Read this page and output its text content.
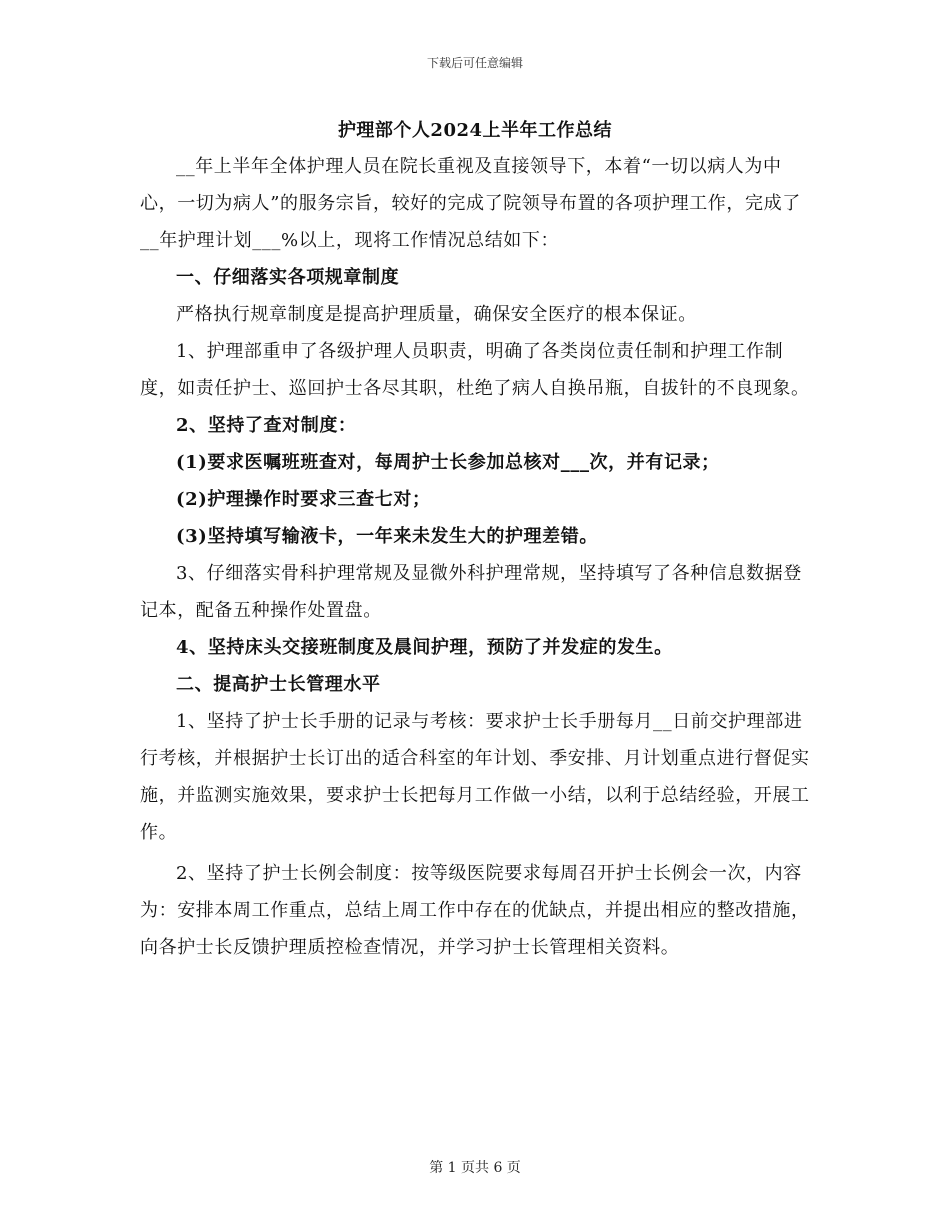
下载后可任意编辑
护理部个人2024上半年工作总结

__年上半年全体护理人员在院长重视及直接领导下，本着“一切以病人为中心，一切为病人”的服务宗旨，较好的完成了院领导布置的各项护理工作，完成了__年护理计划___%以上，现将工作情况总结如下：

一、仔细落实各项规章制度

严格执行规章制度是提高护理质量，确保安全医疗的根本保证。

1、护理部重申了各级护理人员职责，明确了各类岗位责任制和护理工作制度，如责任护士、巡回护士各尽其职，杜绝了病人自换吊瓶，自拔针的不良现象。

2、坚持了查对制度：

(1)要求医嘱班班查对，每周护士长参加总核对___次，并有记录；

(2)护理操作时要求三查七对；

(3)坚持填写输液卡，一年来未发生大的护理差错。

3、仔细落实骨科护理常规及显微外科护理常规，坚持填写了各种信息数据登记本，配备五种操作处置盘。

4、坚持床头交接班制度及晨间护理，预防了并发症的发生。

二、提高护士长管理水平

1、坚持了护士长手册的记录与考核：要求护士长手册每月__日前交护理部进行考核，并根据护士长订出的适合科室的年计划、季安排、月计划重点进行督促实施，并监测实施效果，要求护士长把每月工作做一小结，以利于总结经验，开展工作。

2、坚持了护士长例会制度：按等级医院要求每周召开护士长例会一次，内容为：安排本周工作重点，总结上周工作中存在的优缺点，并提出相应的整改措施，向各护士长反馈护理质控检查情况，并学习护士长管理相关资料。

第 1 页共 6 页
